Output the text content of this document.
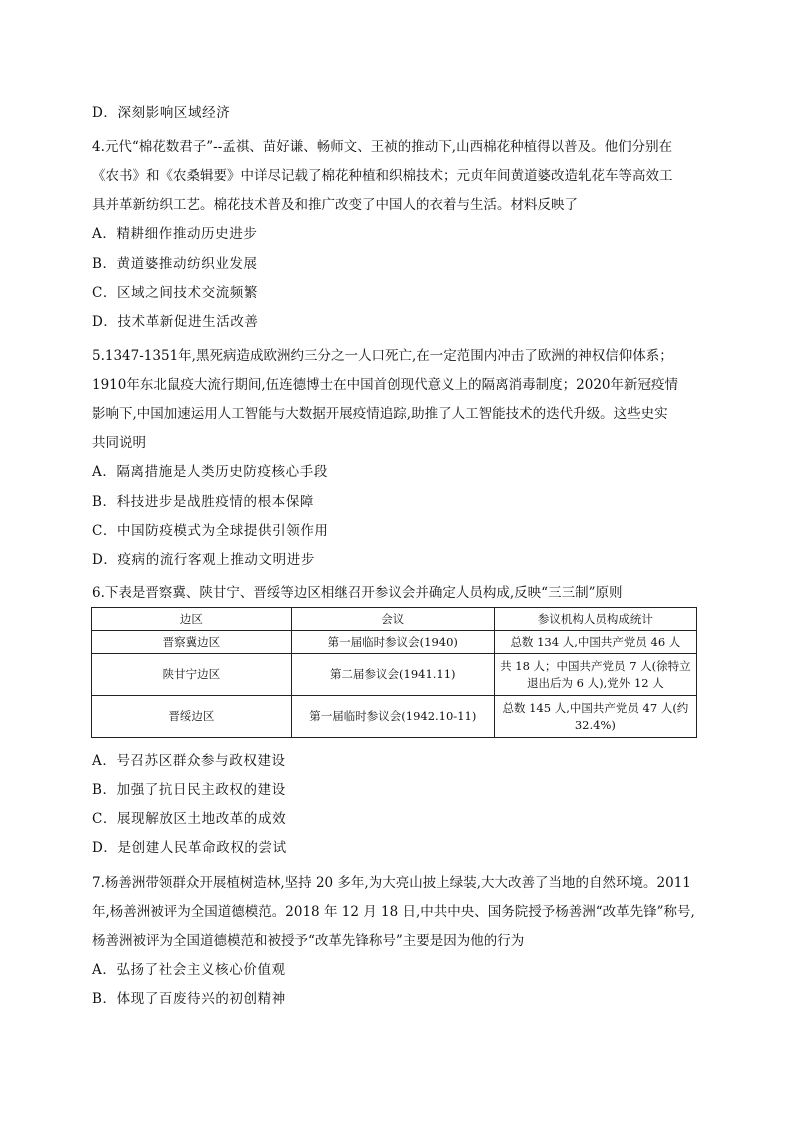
D．深刻影响区域经济

4.元代“棉花数君子”--孟祺、苗好谦、畅师文、王祯的推动下,山西棉花种植得以普及。他们分别在

《农书》和《农桑辑要》中详尽记载了棉花种植和织棉技术；元贞年间黄道婆改造轧花车等高效工

具并革新纺织工艺。棉花技术普及和推广改变了中国人的衣着与生活。材料反映了

A．精耕细作推动历史进步

B．黄道婆推动纺织业发展

C．区域之间技术交流频繁

D．技术革新促进生活改善

5.1347-1351年,黑死病造成欧洲约三分之一人口死亡,在一定范围内冲击了欧洲的神权信仰体系；

1910年东北鼠疫大流行期间,伍连德博士在中国首创现代意义上的隔离消毒制度；2020年新冠疫情

影响下,中国加速运用人工智能与大数据开展疫情追踪,助推了人工智能技术的迭代升级。这些史实

共同说明

A．隔离措施是人类历史防疫核心手段

B．科技进步是战胜疫情的根本保障

C．中国防疫模式为全球提供引领作用

D．疫病的流行客观上推动文明进步

6.下表是晋察冀、陕甘宁、晋绥等边区相继召开参议会并确定人员构成,反映“三三制”原则

边区	会议	参议机构人员构成统计
晋察冀边区	第一届临时参议会(1940)	总数 134 人,中国共产党员 46 人
陕甘宁边区	第二届参议会(1941.11)	共 18 人；中国共产党员 7 人(徐特立退出后为 6 人),党外 12 人
晋绥边区	第一届临时参议会(1942.10-11)	总数 145 人,中国共产党员 47 人(约 32.4%)

A．号召苏区群众参与政权建设

B．加强了抗日民主政权的建设

C．展现解放区土地改革的成效

D．是创建人民革命政权的尝试

7.杨善洲带领群众开展植树造林,坚持 20 多年,为大亮山披上绿装,大大改善了当地的自然环境。2011

年,杨善洲被评为全国道德模范。2018 年 12 月 18 日,中共中央、国务院授予杨善洲“改革先锋”称号,

杨善洲被评为全国道德模范和被授予“改革先锋称号”主要是因为他的行为

A．弘扬了社会主义核心价值观

B．体现了百废待兴的初创精神
